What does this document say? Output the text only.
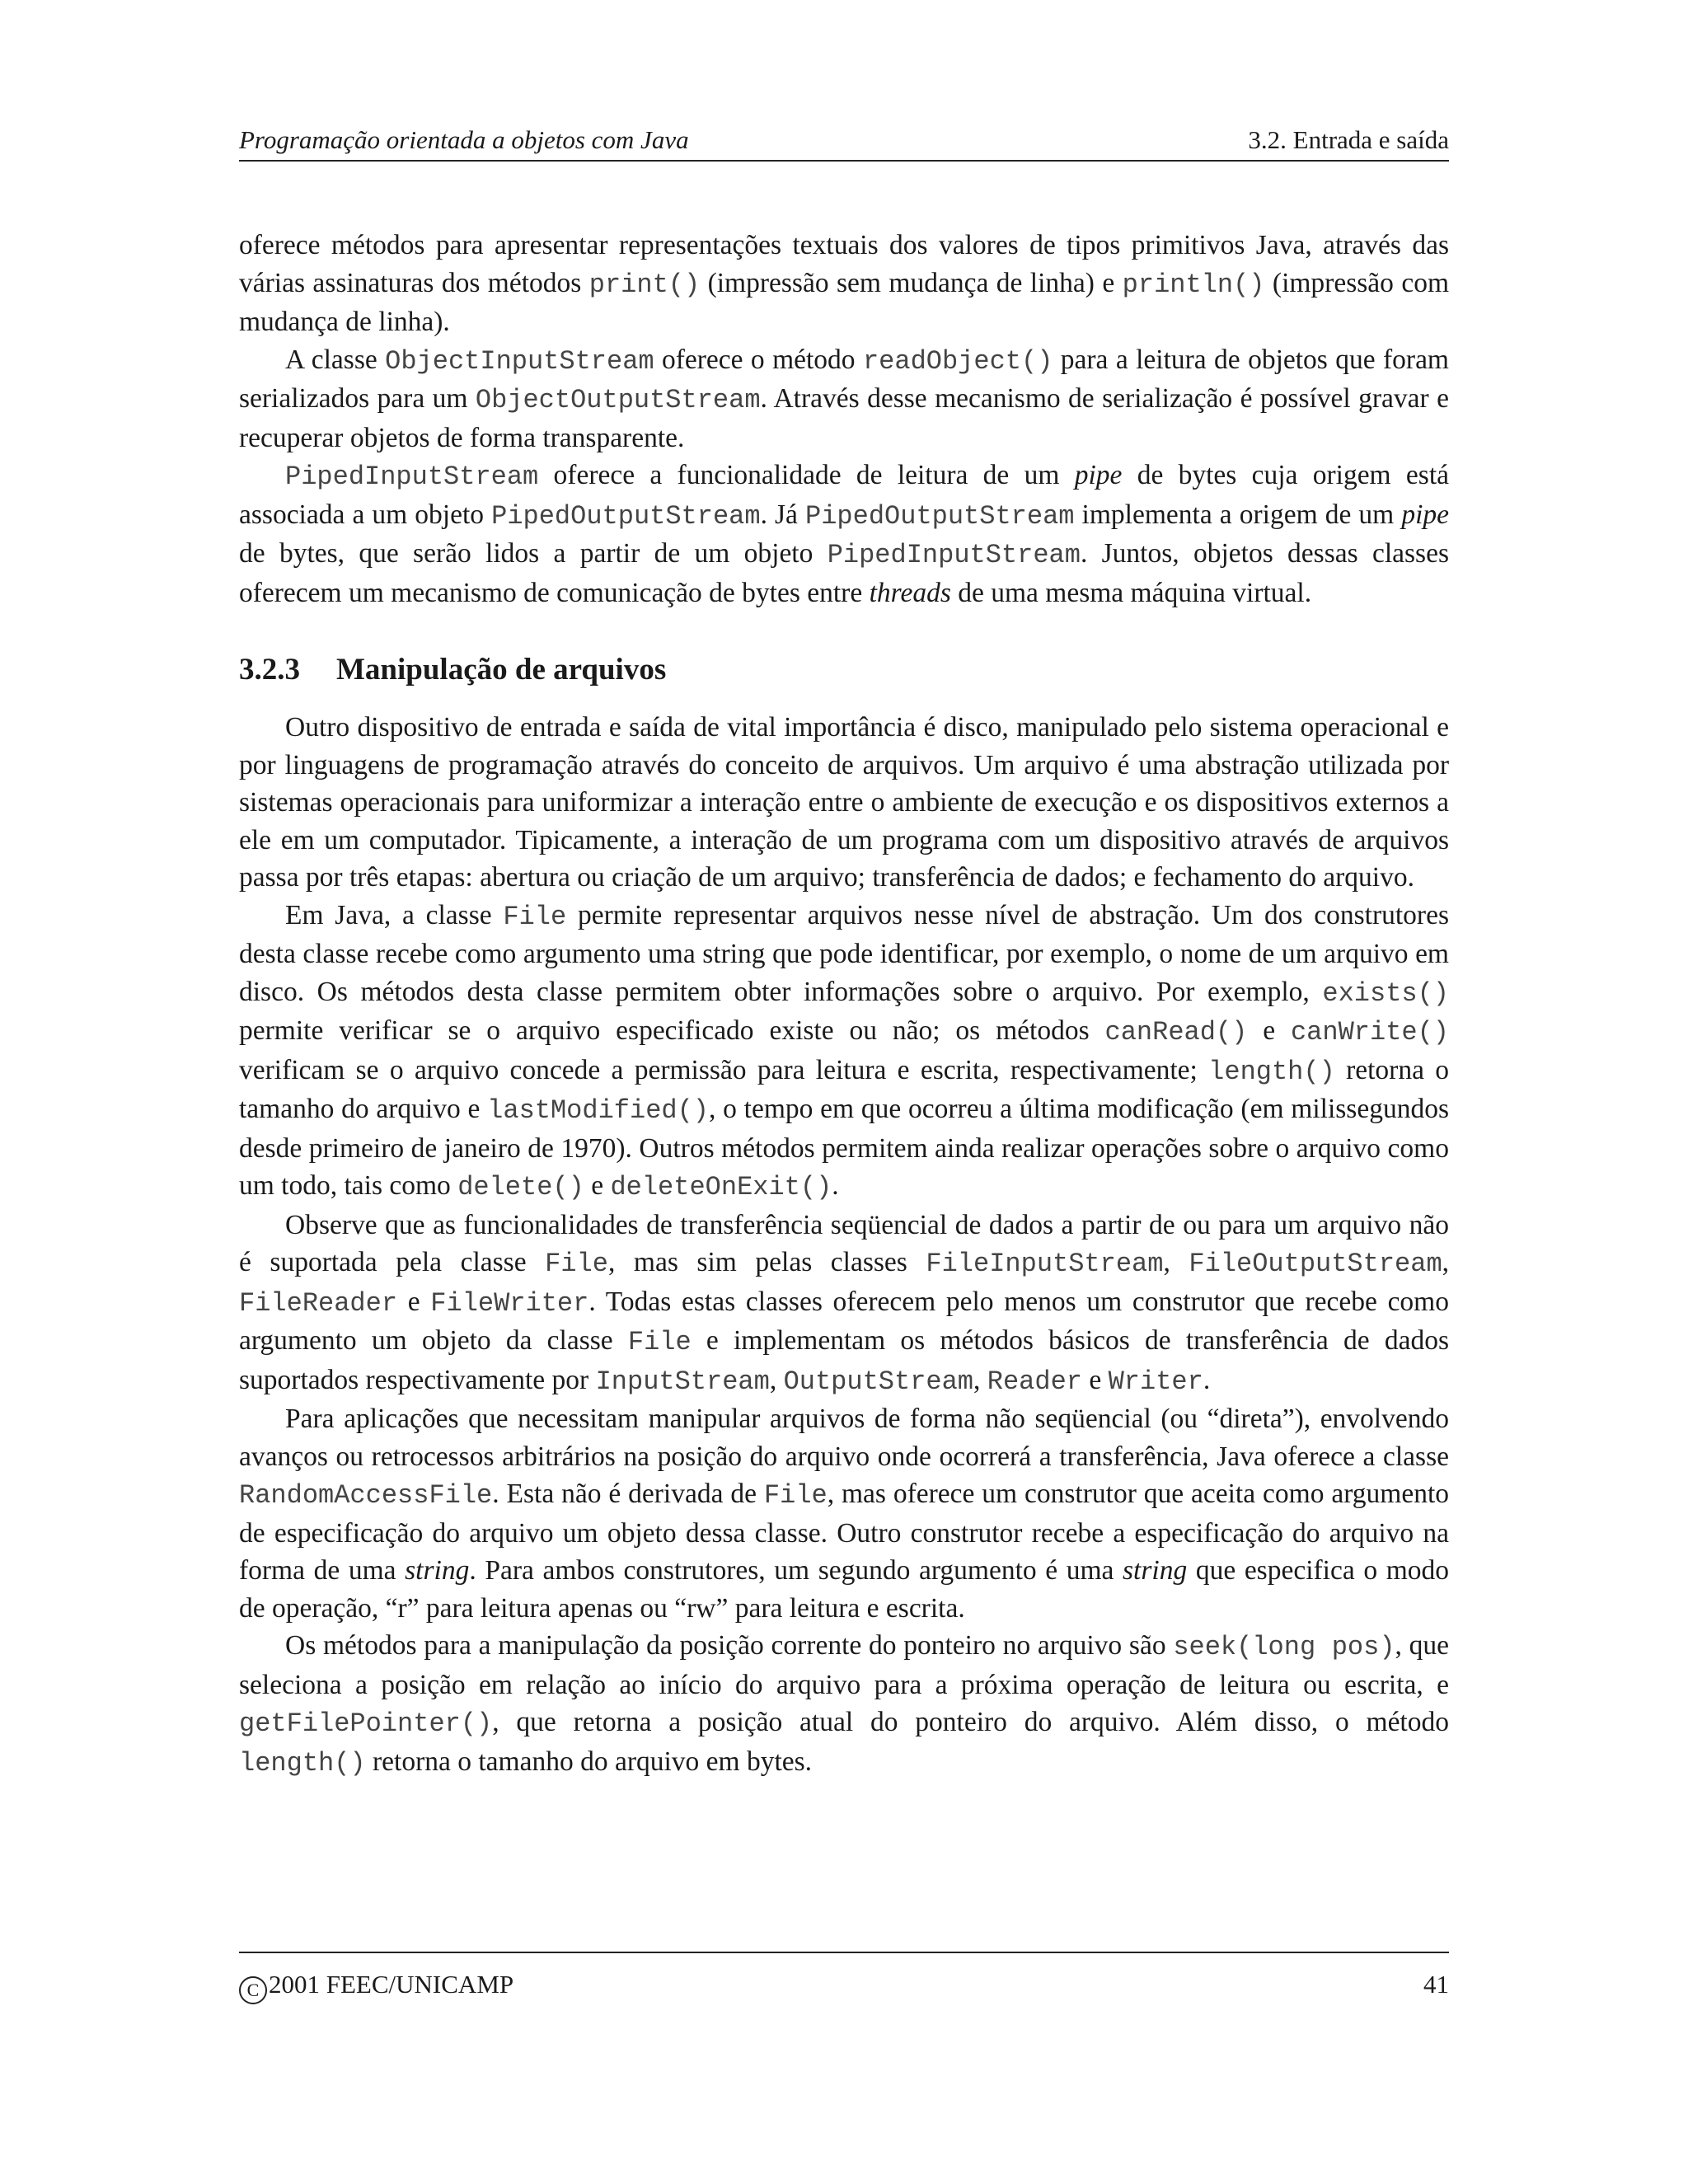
Programação orientada a objetos com Java	3.2. Entrada e saída

oferece métodos para apresentar representações textuais dos valores de tipos primitivos Java, através das várias assinaturas dos métodos print() (impressão sem mudança de linha) e println() (impressão com mudança de linha).

A classe ObjectInputStream oferece o método readObject() para a leitura de objetos que foram serializados para um ObjectOutputStream. Através desse mecanismo de serialização é possível gravar e recuperar objetos de forma transparente.

PipedInputStream oferece a funcionalidade de leitura de um pipe de bytes cuja origem está associada a um objeto PipedOutputStream. Já PipedOutputStream implementa a origem de um pipe de bytes, que serão lidos a partir de um objeto PipedInputStream. Juntos, objetos dessas classes oferecem um mecanismo de comunicação de bytes entre threads de uma mesma máquina virtual.

3.2.3 Manipulação de arquivos

Outro dispositivo de entrada e saída de vital importância é disco, manipulado pelo sistema operacional e por linguagens de programação através do conceito de arquivos. Um arquivo é uma abstração utilizada por sistemas operacionais para uniformizar a interação entre o ambiente de execução e os dispositivos externos a ele em um computador. Tipicamente, a interação de um programa com um dispositivo através de arquivos passa por três etapas: abertura ou criação de um arquivo; transferência de dados; e fechamento do arquivo.

Em Java, a classe File permite representar arquivos nesse nível de abstração. Um dos construtores desta classe recebe como argumento uma string que pode identificar, por exemplo, o nome de um arquivo em disco. Os métodos desta classe permitem obter informações sobre o arquivo. Por exemplo, exists() permite verificar se o arquivo especificado existe ou não; os métodos canRead() e canWrite() verificam se o arquivo concede a permissão para leitura e escrita, respectivamente; length() retorna o tamanho do arquivo e lastModified(), o tempo em que ocorreu a última modificação (em milissegundos desde primeiro de janeiro de 1970). Outros métodos permitem ainda realizar operações sobre o arquivo como um todo, tais como delete() e deleteOnExit().

Observe que as funcionalidades de transferência seqüencial de dados a partir de ou para um arquivo não é suportada pela classe File, mas sim pelas classes FileInputStream, FileOutputStream, FileReader e FileWriter. Todas estas classes oferecem pelo menos um construtor que recebe como argumento um objeto da classe File e implementam os métodos básicos de transferência de dados suportados respectivamente por InputStream, OutputStream, Reader e Writer.

Para aplicações que necessitam manipular arquivos de forma não seqüencial (ou “direta”), envolvendo avanços ou retrocessos arbitrários na posição do arquivo onde ocorrerá a transferência, Java oferece a classe RandomAccessFile. Esta não é derivada de File, mas oferece um construtor que aceita como argumento de especificação do arquivo um objeto dessa classe. Outro construtor recebe a especificação do arquivo na forma de uma string. Para ambos construtores, um segundo argumento é uma string que especifica o modo de operação, “r” para leitura apenas ou “rw” para leitura e escrita.

Os métodos para a manipulação da posição corrente do ponteiro no arquivo são seek(long pos), que seleciona a posição em relação ao início do arquivo para a próxima operação de leitura ou escrita, e getFilePointer(), que retorna a posição atual do ponteiro do arquivo. Além disso, o método length() retorna o tamanho do arquivo em bytes.

C 2001 FEEC/UNICAMP	41
